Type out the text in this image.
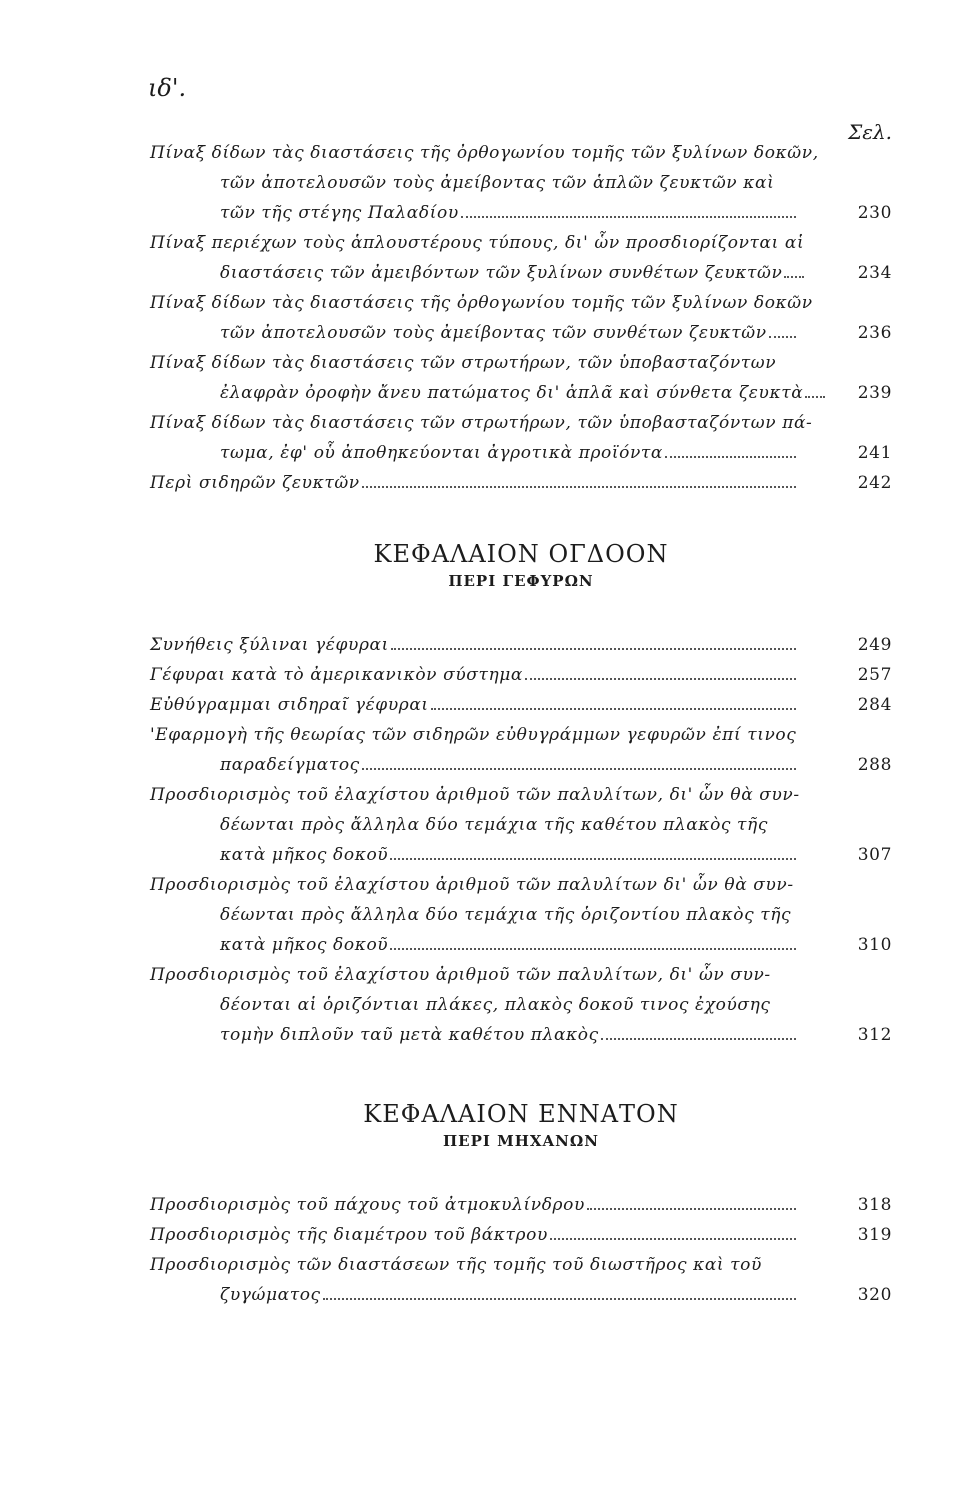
ιδ'.
Σελ.
Πίναξ δίδων τὰς διαστάσεις τῆς ὀρθογωνίου τομῆς τῶν ξυλίνων δοκῶν,
τῶν ἀποτελουσῶν τοὺς ἀμείβοντας τῶν ἁπλῶν ζευκτῶν καὶ
τῶν τῆς στέγης Παλαδίου	230
Πίναξ περιέχων τοὺς ἁπλουστέρους τύπους, δι' ὧν προσδιορίζονται αἱ
διαστάσεις τῶν ἀμειβόντων τῶν ξυλίνων συνθέτων ζευκτῶν	234
Πίναξ δίδων τὰς διαστάσεις τῆς ὀρθογωνίου τομῆς τῶν ξυλίνων δοκῶν
τῶν ἀποτελουσῶν τοὺς ἀμείβοντας τῶν συνθέτων ζευκτῶν	236
Πίναξ δίδων τὰς διαστάσεις τῶν στρωτήρων, τῶν ὑποβασταζόντων
ἐλαφρὰν ὀροφὴν ἄνευ πατώματος δι' ἁπλᾶ καὶ σύνθετα ζευκτὰ	239
Πίναξ δίδων τὰς διαστάσεις τῶν στρωτήρων, τῶν ὑποβασταζόντων πά-
τωμα, ἐφ' οὗ ἀποθηκεύονται ἀγροτικὰ προϊόντα	241
Περὶ σιδηρῶν ζευκτῶν	242
ΚΕΦΑΛΑΙΟΝ ΟΓΔΟΟΝ
ΠΕΡΙ ΓΕΦΥΡΩΝ
Συνήθεις ξύλιναι γέφυραι	249
Γέφυραι κατὰ τὸ ἀμερικανικὸν σύστημα	257
Εὐθύγραμμαι σιδηραῖ γέφυραι	284
'Εφαρμογὴ τῆς θεωρίας τῶν σιδηρῶν εὐθυγράμμων γεφυρῶν ἐπί τινος
παραδείγματος	288
Προσδιορισμὸς τοῦ ἐλαχίστου ἀριθμοῦ τῶν παλυλίτων, δι' ὧν θὰ συν-
δέωνται πρὸς ἄλληλα δύο τεμάχια τῆς καθέτου πλακὸς τῆς
κατὰ μῆκος δοκοῦ	307
Προσδιορισμὸς τοῦ ἐλαχίστου ἀριθμοῦ τῶν παλυλίτων δι' ὧν θὰ συν-
δέωνται πρὸς ἄλληλα δύο τεμάχια τῆς ὁριζοντίου πλακὸς τῆς
κατὰ μῆκος δοκοῦ	310
Προσδιορισμὸς τοῦ ἐλαχίστου ἀριθμοῦ τῶν παλυλίτων, δι' ὧν συν-
δέονται αἱ ὁριζόντιαι πλάκες, πλακὸς δοκοῦ τινος ἐχούσης
τομὴν διπλοῦν ταῦ μετὰ καθέτου πλακὸς	312
ΚΕΦΑΛΑΙΟΝ ΕΝΝΑΤΟΝ
ΠΕΡΙ ΜΗΧΑΝΩΝ
Προσδιορισμὸς τοῦ πάχους τοῦ ἀτμοκυλίνδρου	318
Προσδιορισμὸς τῆς διαμέτρου τοῦ βάκτρου	319
Προσδιορισμὸς τῶν διαστάσεων τῆς τομῆς τοῦ διωστῆρος καὶ τοῦ
ζυγώματος	320
